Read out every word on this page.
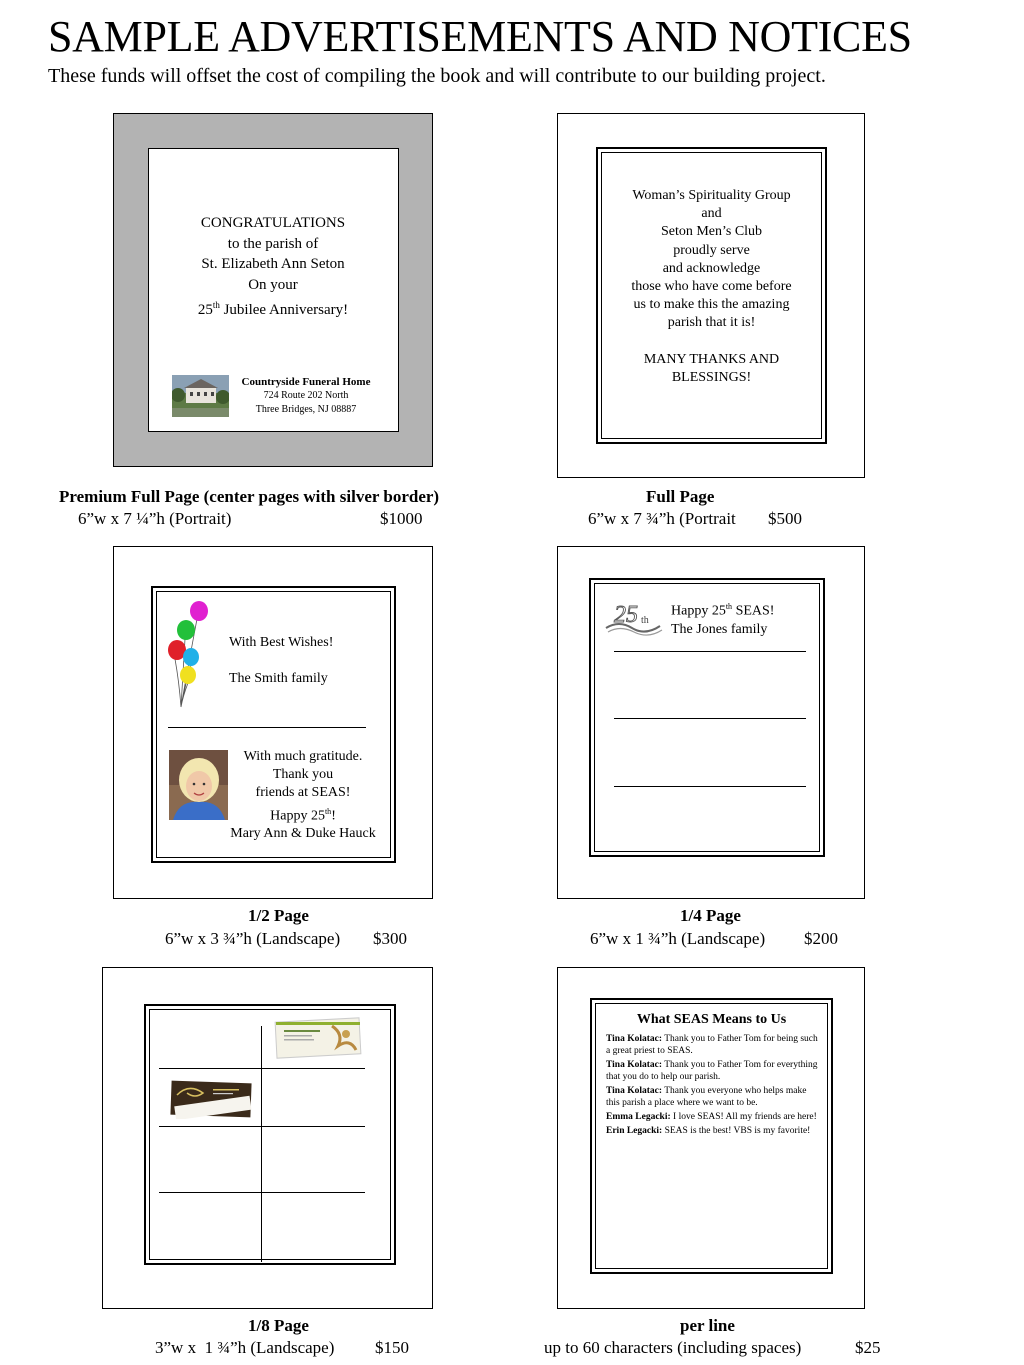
SAMPLE ADVERTISEMENTS AND NOTICES
These funds will offset the cost of compiling the book and will contribute to our building project.
CONGRATULATIONS
to the parish of
St. Elizabeth Ann Seton
On your
25th Jubilee Anniversary!
Countryside Funeral Home
724 Route 202 North
Three Bridges, NJ 08887
Woman’s Spirituality Group
and
Seton Men’s Club
proudly serve
and acknowledge
those who have come before
us to make this the amazing
parish that it is!
MANY THANKS AND
BLESSINGS!
Premium Full Page (center pages with silver border)
6”w x 7 ¼”h (Portrait)	$1000
Full Page
6”w x 7 ¾”h (Portrait $500
With Best Wishes!
The Smith family
With much gratitude.
Thank you
friends at SEAS!
Happy 25th!
Mary Ann & Duke Hauck
25 th
Happy 25th SEAS!
The Jones family
1/2 Page
6”w x 3 ¾”h (Landscape) $300
1/4 Page
6”w x 1 ¾”h (Landscape) $200
What SEAS Means to Us
Tina Kolatac: Thank you to Father Tom for being such a great priest to SEAS.
Tina Kolatac: Thank you to Father Tom for everything that you do to help our parish.
Tina Kolatac: Thank you everyone who helps make this parish a place where we want to be.
Emma Legacki: I love SEAS! All my friends are here!
Erin Legacki: SEAS is the best! VBS is my favorite!
1/8 Page
3”w x  1 ¾”h (Landscape) $150
per line
up to 60 characters (including spaces)	$25
